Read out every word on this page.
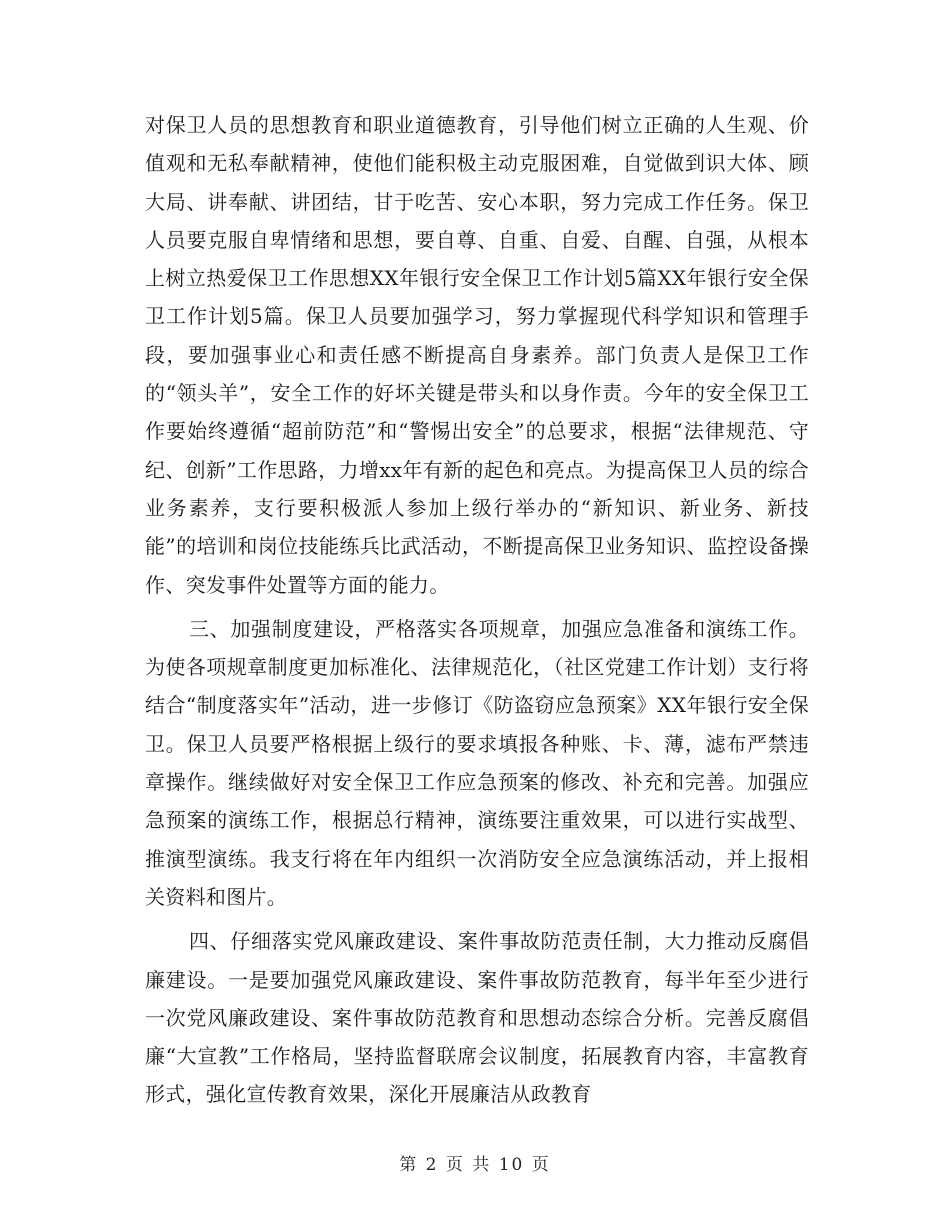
对保卫人员的思想教育和职业道德教育，引导他们树立正确的人生观、价值观和无私奉献精神，使他们能积极主动克服困难，自觉做到识大体、顾大局、讲奉献、讲团结，甘于吃苦、安心本职，努力完成工作任务。保卫人员要克服自卑情绪和思想，要自尊、自重、自爱、自醒、自强，从根本上树立热爱保卫工作思想XX年银行安全保卫工作计划5篇XX年银行安全保卫工作计划5篇。保卫人员要加强学习，努力掌握现代科学知识和管理手段，要加强事业心和责任感不断提高自身素养。部门负责人是保卫工作的“领头羊”，安全工作的好坏关键是带头和以身作责。今年的安全保卫工作要始终遵循“超前防范”和“警惕出安全”的总要求，根据“法律规范、守纪、创新”工作思路，力增xx年有新的起色和亮点。为提高保卫人员的综合业务素养，支行要积极派人参加上级行举办的“新知识、新业务、新技能”的培训和岗位技能练兵比武活动，不断提高保卫业务知识、监控设备操作、突发事件处置等方面的能力。

三、加强制度建设，严格落实各项规章，加强应急准备和演练工作。为使各项规章制度更加标准化、法律规范化，（社区党建工作计划）支行将结合“制度落实年”活动，进一步修订《防盗窃应急预案》XX年银行安全保卫。保卫人员要严格根据上级行的要求填报各种账、卡、薄，滤布严禁违章操作。继续做好对安全保卫工作应急预案的修改、补充和完善。加强应急预案的演练工作，根据总行精神，演练要注重效果，可以进行实战型、推演型演练。我支行将在年内组织一次消防安全应急演练活动，并上报相关资料和图片。

四、仔细落实党风廉政建设、案件事故防范责任制，大力推动反腐倡廉建设。一是要加强党风廉政建设、案件事故防范教育，每半年至少进行一次党风廉政建设、案件事故防范教育和思想动态综合分析。完善反腐倡廉“大宣教”工作格局，坚持监督联席会议制度，拓展教育内容，丰富教育形式，强化宣传教育效果，深化开展廉洁从政教育

第 2 页 共 10 页
